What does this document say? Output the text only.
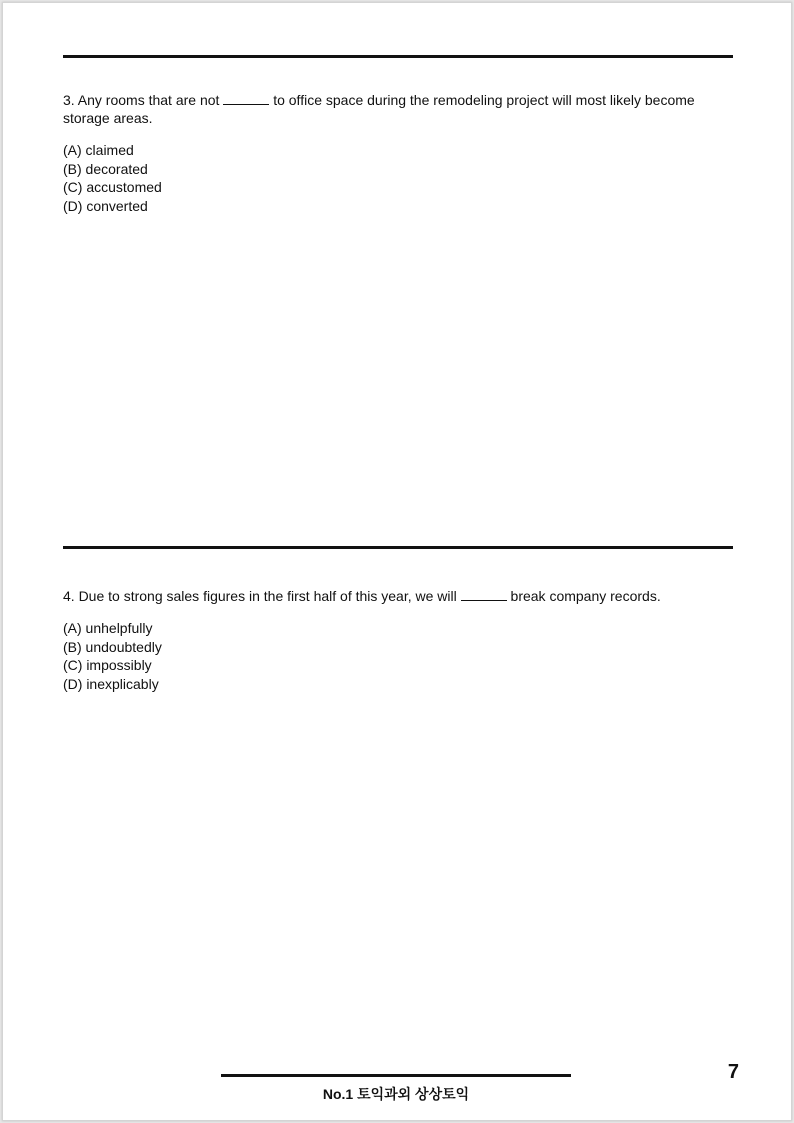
3. Any rooms that are not	to office space during the remodeling project will most likely become storage areas.

(A) claimed
(B) decorated
(C) accustomed
(D) converted

4. Due to strong sales figures in the first half of this year, we will	break company records.

(A) unhelpfully
(B) undoubtedly
(C) impossibly
(D) inexplicably
No.1 토익과외 상상토익
7
